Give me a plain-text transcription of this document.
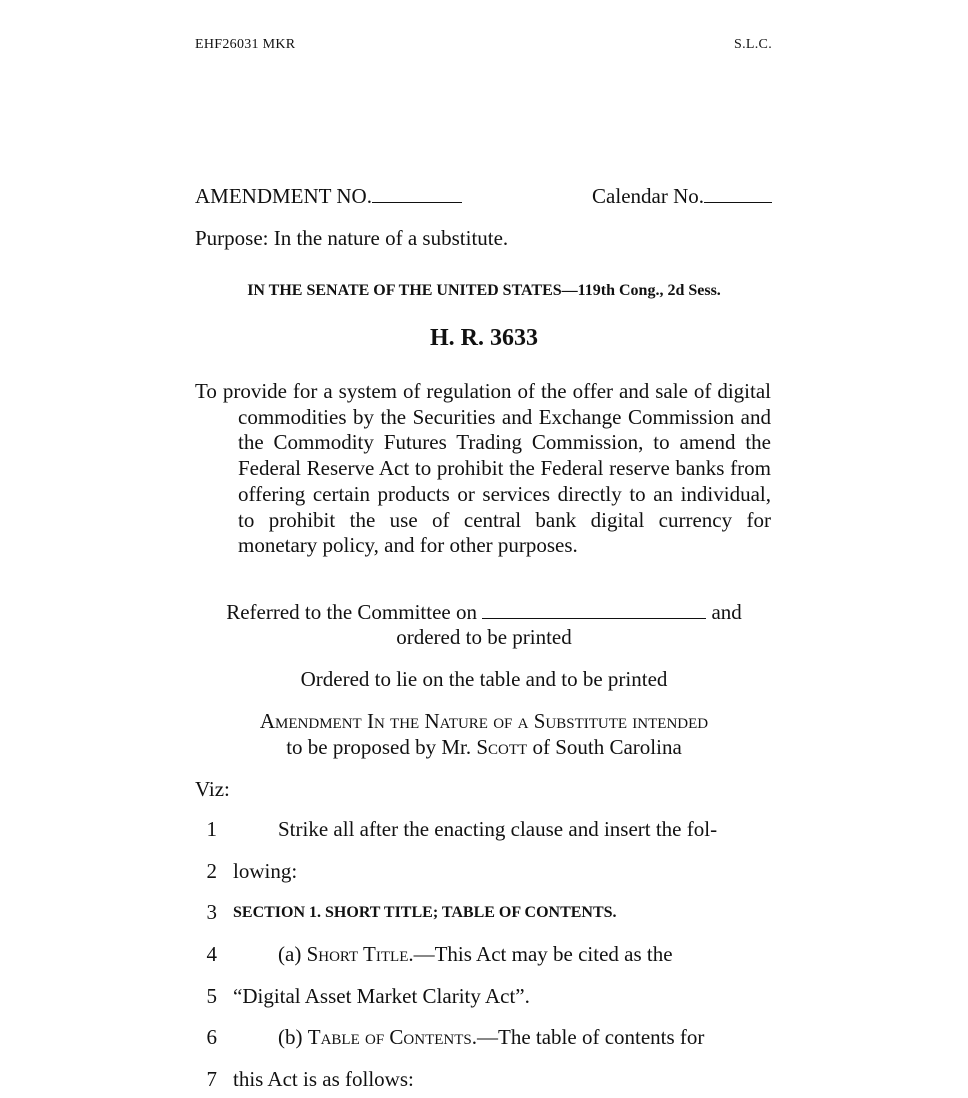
EHF26031 MKR	S.L.C.
AMENDMENT NO.	Calendar No.
Purpose: In the nature of a substitute.
IN THE SENATE OF THE UNITED STATES—119th Cong., 2d Sess.
H. R. 3633
To provide for a system of regulation of the offer and sale of digital commodities by the Securities and Exchange Commission and the Commodity Futures Trading Commission, to amend the Federal Reserve Act to prohibit the Federal reserve banks from offering certain products or services directly to an individual, to prohibit the use of central bank digital currency for monetary policy, and for other purposes.
Referred to the Committee on	and
ordered to be printed
Ordered to lie on the table and to be printed
Amendment In the Nature of a Substitute intended
to be proposed by Mr. Scott of South Carolina
Viz:
1	Strike all after the enacting clause and insert the fol-
2 lowing:
3 SECTION 1. SHORT TITLE; TABLE OF CONTENTS.
4	(a) Short Title.—This Act may be cited as the
5 “Digital Asset Market Clarity Act”.
6	(b) Table of Contents.—The table of contents for
7 this Act is as follows:
